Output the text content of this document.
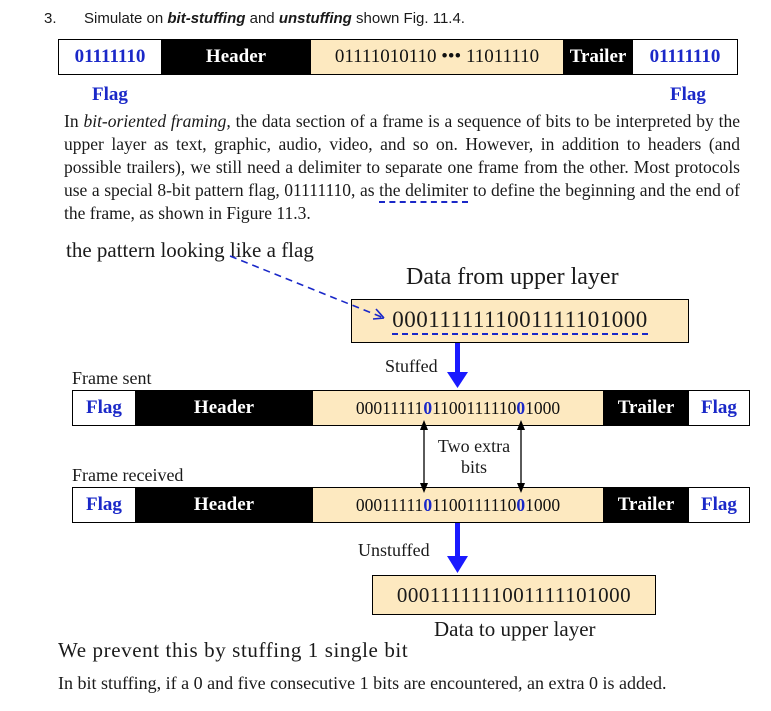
3. Simulate on bit-stuffing and unstuffing shown Fig. 11.4.
01111110	Header	01111010110 ••• 11011110	Trailer	01111110
Flag	Flag
In bit-oriented framing, the data section of a frame is a sequence of bits to be interpreted by the upper layer as text, graphic, audio, video, and so on. However, in addition to headers (and possible trailers), we still need a delimiter to separate one frame from the other. Most protocols use a special 8-bit pattern flag, 01111110, as the delimiter to define the beginning and the end of the frame, as shown in Figure 11.3.
the pattern looking like a flag
Data from upper layer
0001111111001111101000
Stuffed
Frame sent
Flag	Header	00011111 0 1100111110 0 1000	Trailer	Flag
Two extra
bits
Frame received
Flag	Header	00011111 0 1100111110 0 1000	Trailer	Flag
Unstuffed
0001111111001111101000
Data to upper layer
We prevent this by stuffing 1 single bit
In bit stuffing, if a 0 and five consecutive 1 bits are encountered, an extra 0 is added.
